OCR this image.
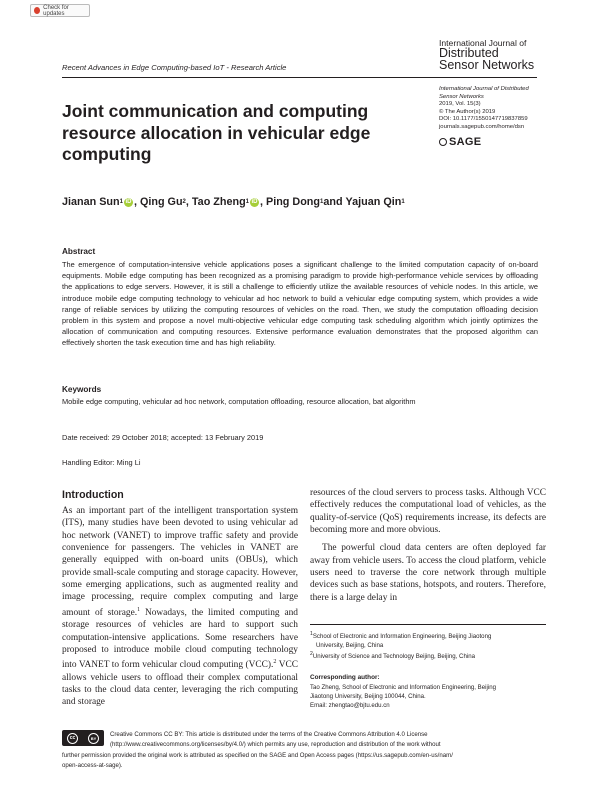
Check for updates
Recent Advances in Edge Computing-based IoT - Research Article
International Journal of
Distributed
Sensor Networks
International Journal of Distributed
Sensor Networks
2019, Vol. 15(3)
© The Author(s) 2019
DOI: 10.1177/1550147719837859
journals.sagepub.com/home/dsn
SAGE
Joint communication and computing resource allocation in vehicular edge computing
Jianan Sun 1 iD ,
Qing Gu 2 ,
Tao Zheng 1 iD ,
Ping Dong 1 and
Yajuan Qin 1
Abstract
The emergence of computation-intensive vehicle applications poses a significant challenge to the limited computation capacity of on-board equipments. Mobile edge computing has been recognized as a promising paradigm to provide high-performance vehicle services by offloading the applications to edge servers. However, it is still a challenge to efficiently utilize the available resources of vehicle nodes. In this article, we introduce mobile edge computing technology to vehicular ad hoc network to build a vehicular edge computing system, which provides a wide range of reliable services by utilizing the computing resources of vehicles on the road. Then, we study the computation offloading decision problem in this system and propose a novel multi-objective vehicular edge computing task scheduling algorithm which jointly optimizes the allocation of communication and computing resources. Extensive performance evaluation demonstrates that the proposed algorithm can effectively shorten the task execution time and has high reliability.
Keywords
Mobile edge computing, vehicular ad hoc network, computation offloading, resource allocation, bat algorithm
Date received: 29 October 2018; accepted: 13 February 2019
Handling Editor: Ming Li
Introduction

As an important part of the intelligent transportation system (ITS), many studies have been devoted to using vehicular ad hoc network (VANET) to improve traffic safety and provide convenience for passengers. The vehicles in VANET are generally equipped with on-board units (OBUs), which provide small-scale computing and storage capacity. However, some emerging applications, such as augmented reality and image processing, require complex computing and large amount of storage.$^1$ Nowadays, the limited computing and storage resources of vehicles are hard to support such computation-intensive applications. Some researchers have proposed to introduce mobile cloud computing technology into VANET to form vehicular cloud computing (VCC).$^2$ VCC allows vehicle users to offload their complex computational tasks to the cloud data center, leveraging the rich computing and storage

resources of the cloud servers to process tasks. Although VCC effectively reduces the computational load of vehicles, as the quality-of-service (QoS) requirements increase, its defects are becoming more and more obvious.

The powerful cloud data centers are often deployed far away from vehicle users. To access the cloud platform, vehicle users need to traverse the core network through multiple devices such as base stations, hotspots, and routers. Therefore, there is a large delay in

$^1$School of Electronic and Information Engineering, Beijing Jiaotong
University, Beijing, China
$^2$University of Science and Technology Beijing, Beijing, China
Corresponding author:
Tao Zheng, School of Electronic and Information Engineering, Beijing
Jiaotong University, Beijing 100044, China.
Email: zhengtao@bjtu.edu.cn
cc	BY	Creative Commons CC BY: This article is distributed under the terms of the Creative Commons Attribution 4.0 License
(http://www.creativecommons.org/licenses/by/4.0/) which permits any use, reproduction and distribution of the work without
further permission provided the original work is attributed as specified on the SAGE and Open Access pages (https://us.sagepub.com/en-us/nam/
open-access-at-sage).
